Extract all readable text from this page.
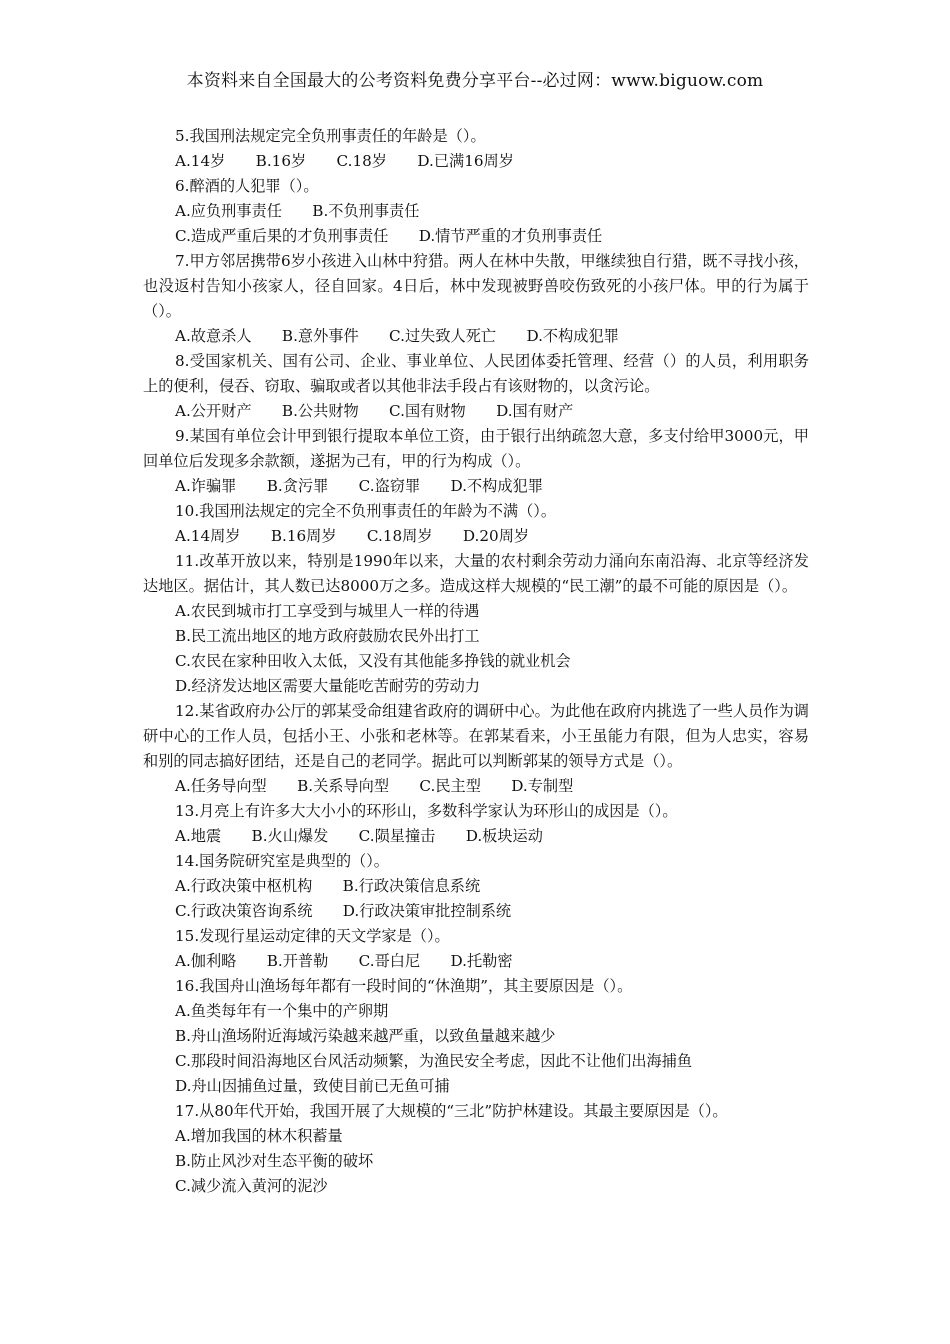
本资料来自全国最大的公考资料免费分享平台--必过网：www.biguow.com

5.我国刑法规定完全负刑事责任的年龄是（）。

A.14岁　　B.16岁　　C.18岁　　D.已满16周岁

6.醉酒的人犯罪（）。

A.应负刑事责任　　B.不负刑事责任

C.造成严重后果的才负刑事责任　　D.情节严重的才负刑事责任

7.甲方邻居携带6岁小孩进入山林中狩猎。两人在林中失散，甲继续独自行猎，既不寻找小孩，也没返村告知小孩家人，径自回家。4日后，林中发现被野兽咬伤致死的小孩尸体。甲的行为属于（）。

A.故意杀人　　B.意外事件　　C.过失致人死亡　　D.不构成犯罪

8.受国家机关、国有公司、企业、事业单位、人民团体委托管理、经营（）的人员，利用职务上的便利，侵吞、窃取、骗取或者以其他非法手段占有该财物的，以贪污论。

A.公开财产　　B.公共财物　　C.国有财物　　D.国有财产

9.某国有单位会计甲到银行提取本单位工资，由于银行出纳疏忽大意，多支付给甲3000元，甲回单位后发现多余款额，遂据为己有，甲的行为构成（）。

A.诈骗罪　　B.贪污罪　　C.盗窃罪　　D.不构成犯罪

10.我国刑法规定的完全不负刑事责任的年龄为不满（）。

A.14周岁　　B.16周岁　　C.18周岁　　D.20周岁

11.改革开放以来，特别是1990年以来，大量的农村剩余劳动力涌向东南沿海、北京等经济发达地区。据估计，其人数已达8000万之多。造成这样大规模的“民工潮”的最不可能的原因是（）。

A.农民到城市打工享受到与城里人一样的待遇

B.民工流出地区的地方政府鼓励农民外出打工

C.农民在家种田收入太低，又没有其他能多挣钱的就业机会

D.经济发达地区需要大量能吃苦耐劳的劳动力

12.某省政府办公厅的郭某受命组建省政府的调研中心。为此他在政府内挑选了一些人员作为调研中心的工作人员，包括小王、小张和老林等。在郭某看来，小王虽能力有限，但为人忠实，容易和别的同志搞好团结，还是自己的老同学。据此可以判断郭某的领导方式是（）。

A.任务导向型　　B.关系导向型　　C.民主型　　D.专制型

13.月亮上有许多大大小小的环形山，多数科学家认为环形山的成因是（）。

A.地震　　B.火山爆发　　C.陨星撞击　　D.板块运动

14.国务院研究室是典型的（）。

A.行政决策中枢机构　　B.行政决策信息系统

C.行政决策咨询系统　　D.行政决策审批控制系统

15.发现行星运动定律的天文学家是（）。

A.伽利略　　B.开普勒　　C.哥白尼　　D.托勒密

16.我国舟山渔场每年都有一段时间的“休渔期”，其主要原因是（）。

A.鱼类每年有一个集中的产卵期

B.舟山渔场附近海域污染越来越严重，以致鱼量越来越少

C.那段时间沿海地区台风活动频繁，为渔民安全考虑，因此不让他们出海捕鱼

D.舟山因捕鱼过量，致使目前已无鱼可捕

17.从80年代开始，我国开展了大规模的“三北”防护林建设。其最主要原因是（）。

A.增加我国的林木积蓄量

B.防止风沙对生态平衡的破坏

C.减少流入黄河的泥沙
